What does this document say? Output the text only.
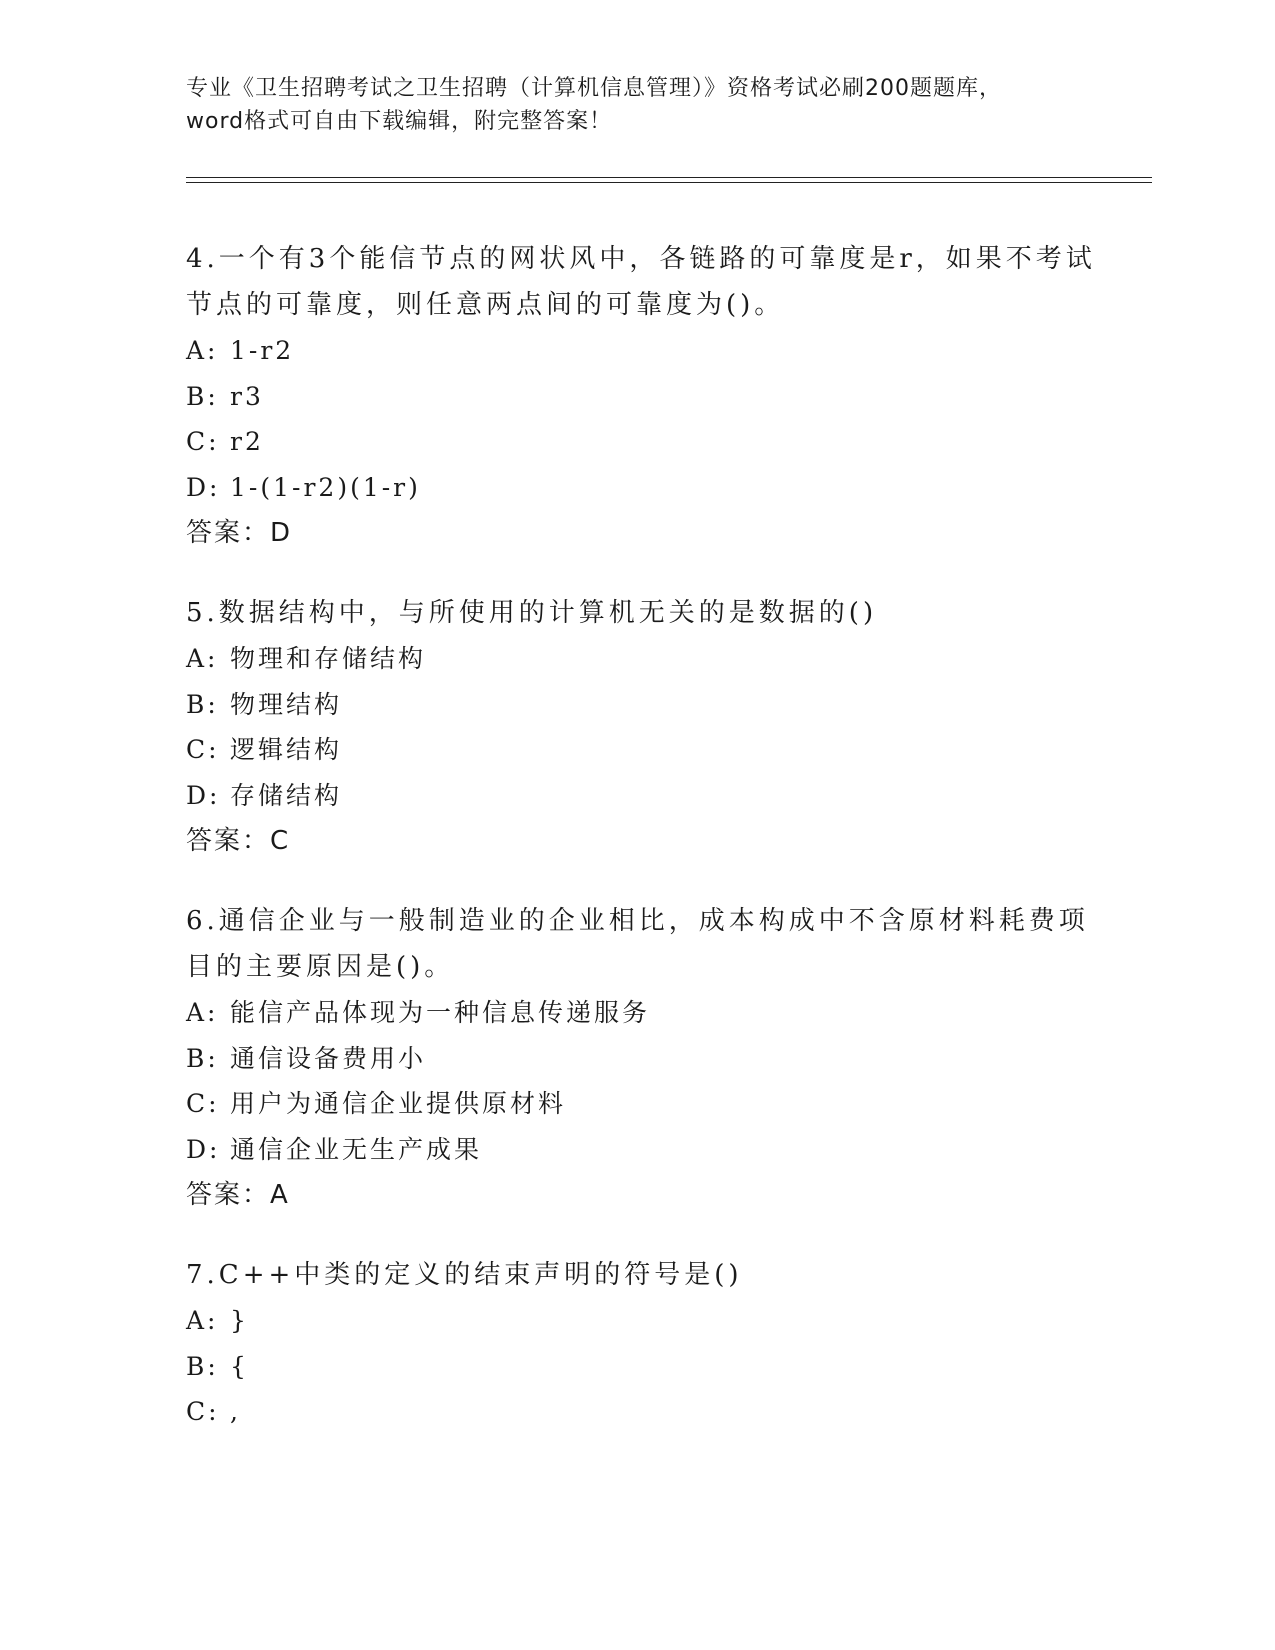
专业《卫生招聘考试之卫生招聘（计算机信息管理）》资格考试必刷200题题库，
word格式可自由下载编辑，附完整答案！
4.一个有3个能信节点的网状风中，各链路的可靠度是r，如果不考试
节点的可靠度，则任意两点间的可靠度为()。
A: 1-r2
B: r3
C: r2
D: 1-(1-r2)(1-r)
答案：D
5.数据结构中，与所使用的计算机无关的是数据的()
A: 物理和存储结构
B: 物理结构
C: 逻辑结构
D: 存储结构
答案：C
6.通信企业与一般制造业的企业相比，成本构成中不含原材料耗费项
目的主要原因是()。
A: 能信产品体现为一种信息传递服务
B: 通信设备费用小
C: 用户为通信企业提供原材料
D: 通信企业无生产成果
答案：A
7.C++中类的定义的结束声明的符号是()
A: }
B: {
C: ,
